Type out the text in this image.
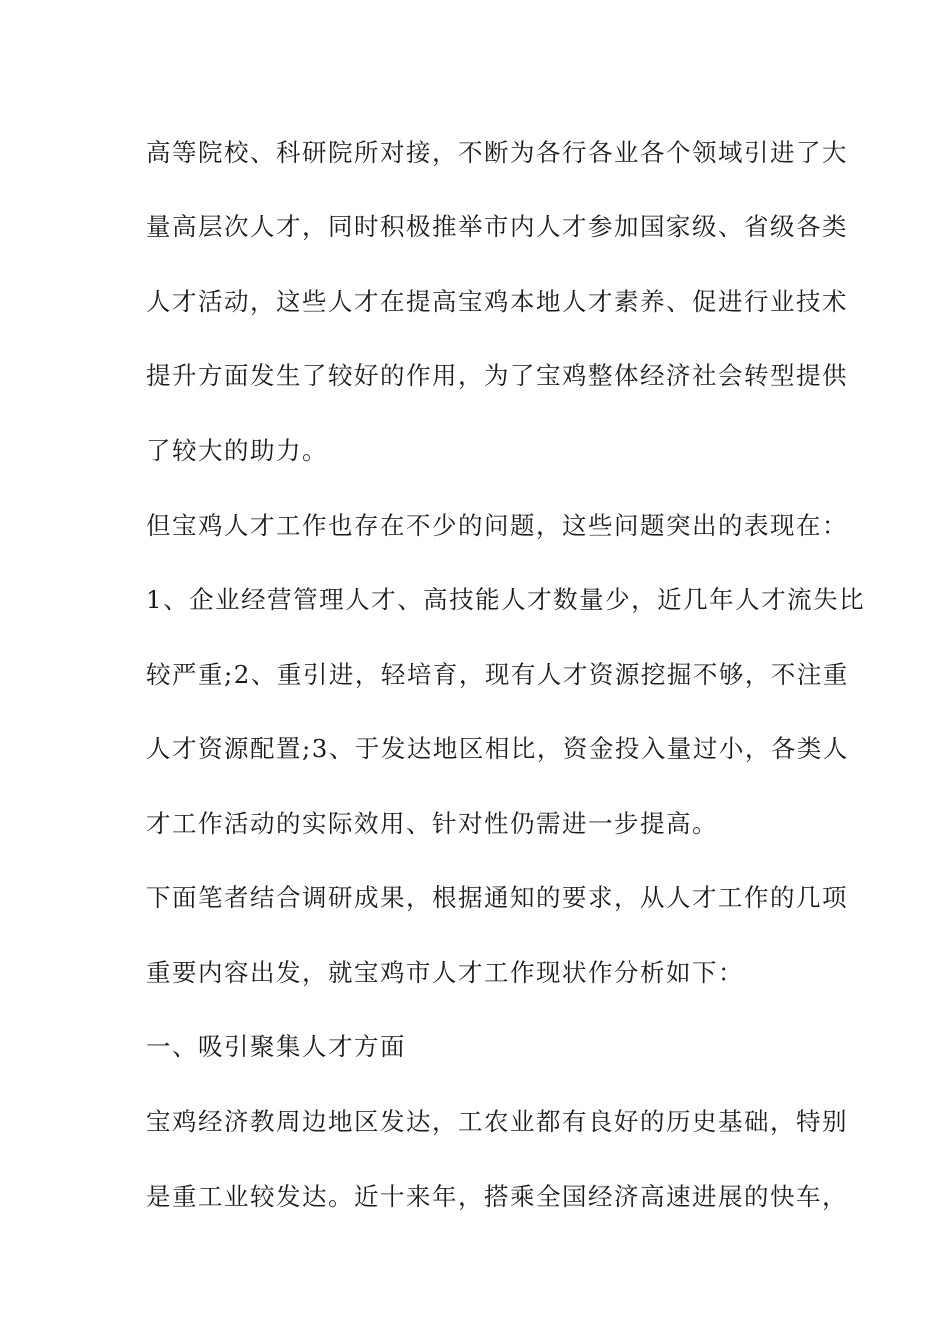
高等院校、科研院所对接，不断为各行各业各个领域引进了大
量高层次人才，同时积极推举市内人才参加国家级、省级各类
人才活动，这些人才在提高宝鸡本地人才素养、促进行业技术
提升方面发生了较好的作用，为了宝鸡整体经济社会转型提供
了较大的助力。
但宝鸡人才工作也存在不少的问题，这些问题突出的表现在：
1、企业经营管理人才、高技能人才数量少，近几年人才流失比
较严重;2、重引进，轻培育，现有人才资源挖掘不够，不注重
人才资源配置;3、于发达地区相比，资金投入量过小，各类人
才工作活动的实际效用、针对性仍需进一步提高。
下面笔者结合调研成果，根据通知的要求，从人才工作的几项
重要内容出发，就宝鸡市人才工作现状作分析如下：
一、吸引聚集人才方面
宝鸡经济教周边地区发达，工农业都有良好的历史基础，特别
是重工业较发达。近十来年，搭乘全国经济高速进展的快车，
